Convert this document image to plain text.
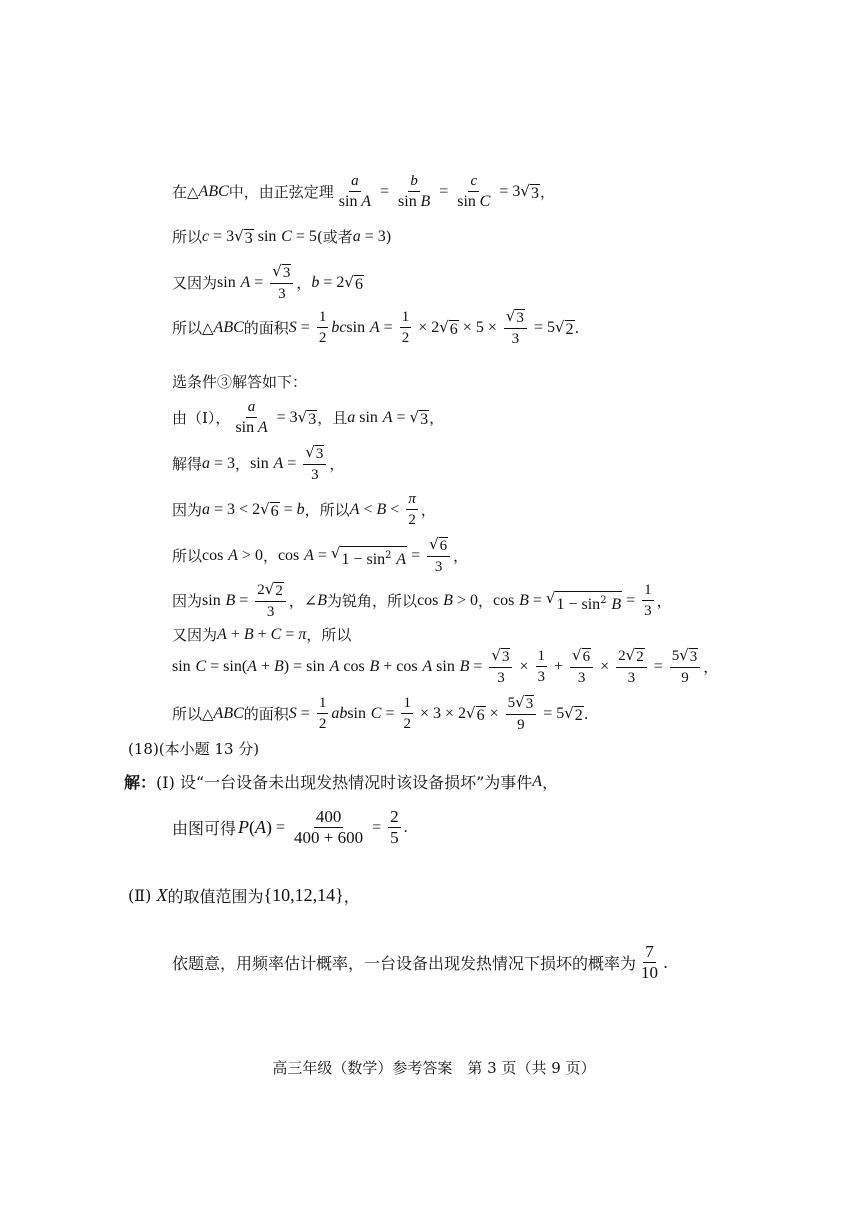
在△ ABC 中，由正弦定理 $\frac{a}{\text{sin A}} = \frac{b}{\text{sin B}} = \frac{c}{\text{sin C}} = 3$ √ 3 ，
所以 c = 3 √ 3 sin
C = 5 (或者 a = 3 )
又因为 sin
$A = \frac{√ 3}{3}$ ， b = 2 √ 6
所以△ ABC 的面积 $S = \frac{1}{2}$ bc sin
$A = \frac{1}{2} \times 2$ √ $6 \times 5 \times \frac{√ 3}{3} = 5$ √ 2 .
选条件③解答如下：
由（Ⅰ）， $\frac{a}{\text{sin A}} = 3$ √ 3 ，且 a sin
A = √ 3 ，
解得 a = 3 ， sin
$A = \frac{√ 3}{3}$ ，
因为 a = 3 < 2 √ 6 = b ，所以 $A < B < \frac{\pi}{2}$ ，
所以 cos
A > 0 ， cos
A = √ $1 - \sin^2 A = \frac{√ 6}{3}$ ，
因为 sin
$B = \frac{2 √ 2}{3}$ ， ∠ B 为锐角，所以 cos
B > 0 ， cos
B = √ $1 - \sin^2 B = \frac{1}{3}$ ，
又因为 A + B + C = π ，所以
sin
C = sin( A + B ) = sin
A cos
B + cos
A sin
$B = \frac{√ 3}{3} \times \frac{1}{3} + \frac{√ 6}{3} \times \frac{2 √ 2}{3} = \frac{5 √ 3}{9}$ ，
所以△ ABC 的面积 $S = \frac{1}{2}$ ab sin
$C = \frac{1}{2} \times 3 \times 2$ √ $6 \times \frac{5 √ 3}{9} = 5$ √ 2 .
(18)(本小题 13 分)
解： (Ⅰ) 设“一台设备未出现发热情况时该设备损坏”为事件 A ，
由图可得 P ( A ) = $\frac{400}{400 + 600} = \frac{2}{5}$ .
(Ⅱ)
X 的取值范围为 {10,12,14} ，
依题意，用频率估计概率，一台设备出现发热情况下损坏的概率为 $\frac{7}{10}$ .
高三年级（数学）参考答案　第 3 页（共 9 页）
